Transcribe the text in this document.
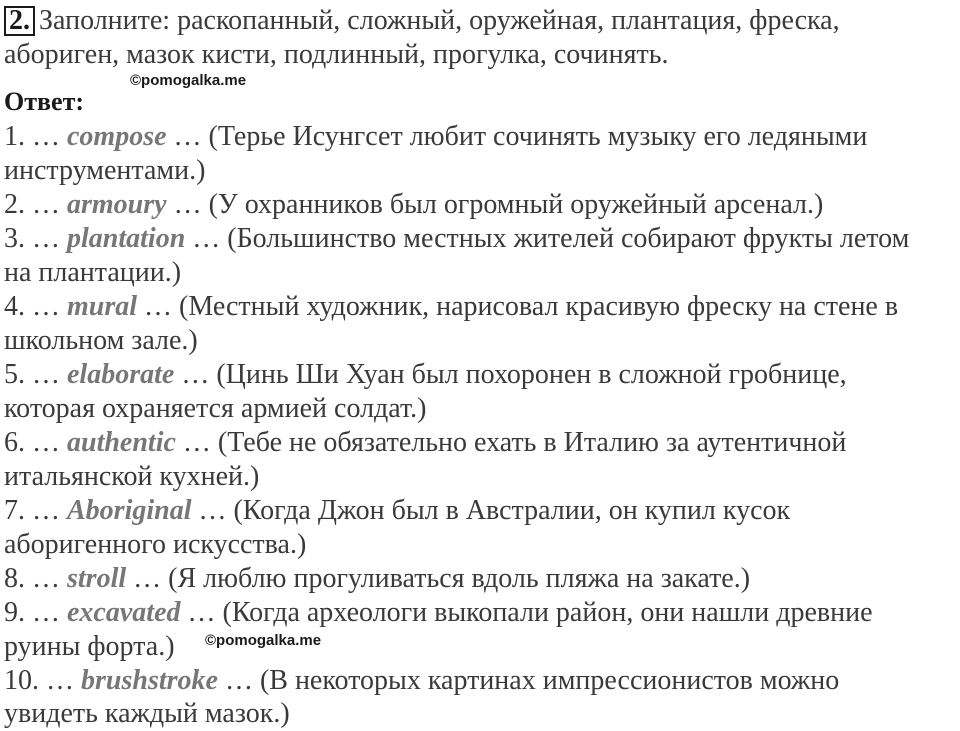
2. Заполните: раскопанный, сложный, оружейная, плантация, фреска,
абориген, мазок кисти, подлинный, прогулка, сочинять.
©pomogalka.me
Ответ:
1. … compose … (Терье Исунгсет любит сочинять музыку его ледяными
инструментами.)
2. … armoury … (У охранников был огромный оружейный арсенал.)
3. … plantation … (Большинство местных жителей собирают фрукты летом
на плантации.)
4. … mural … (Местный художник, нарисовал красивую фреску на стене в
школьном зале.)
5. … elaborate … (Цинь Ши Хуан был похоронен в сложной гробнице,
которая охраняется армией солдат.)
6. … authentic … (Тебе не обязательно ехать в Италию за аутентичной
итальянской кухней.)
7. … Aboriginal … (Когда Джон был в Австралии, он купил кусок
аборигенного искусства.)
8. … stroll … (Я люблю прогуливаться вдоль пляжа на закате.)
9. … excavated … (Когда археологи выкопали район, они нашли древние
руины форта.) ©pomogalka.me
10. … brushstroke … (В некоторых картинах импрессионистов можно
увидеть каждый мазок.)
